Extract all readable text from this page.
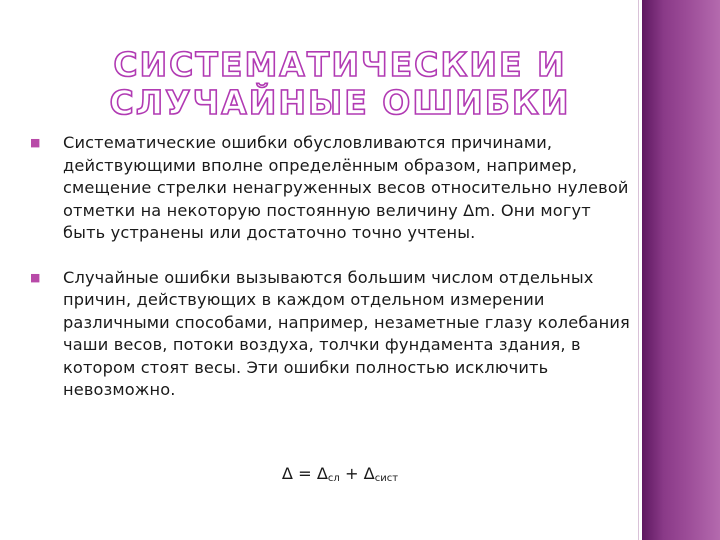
СИСТЕМАТИЧЕСКИЕ И СЛУЧАЙНЫЕ ОШИБКИ
■ Систематические ошибки обусловливаются причинами, действующими вполне определённым образом, например, смещение стрелки ненагруженных весов относительно нулевой отметки на некоторую постоянную величину Δm. Они могут быть устранены или достаточно точно учтены.
■ Случайные ошибки вызываются большим числом отдельных причин, действующих в каждом отдельном измерении различными способами, например, незаметные глазу колебания чаши весов, потоки воздуха, толчки фундамента здания, в котором стоят весы. Эти ошибки полностью исключить невозможно.
$\Delta = \Delta_{сл} + \Delta_{сист}$
